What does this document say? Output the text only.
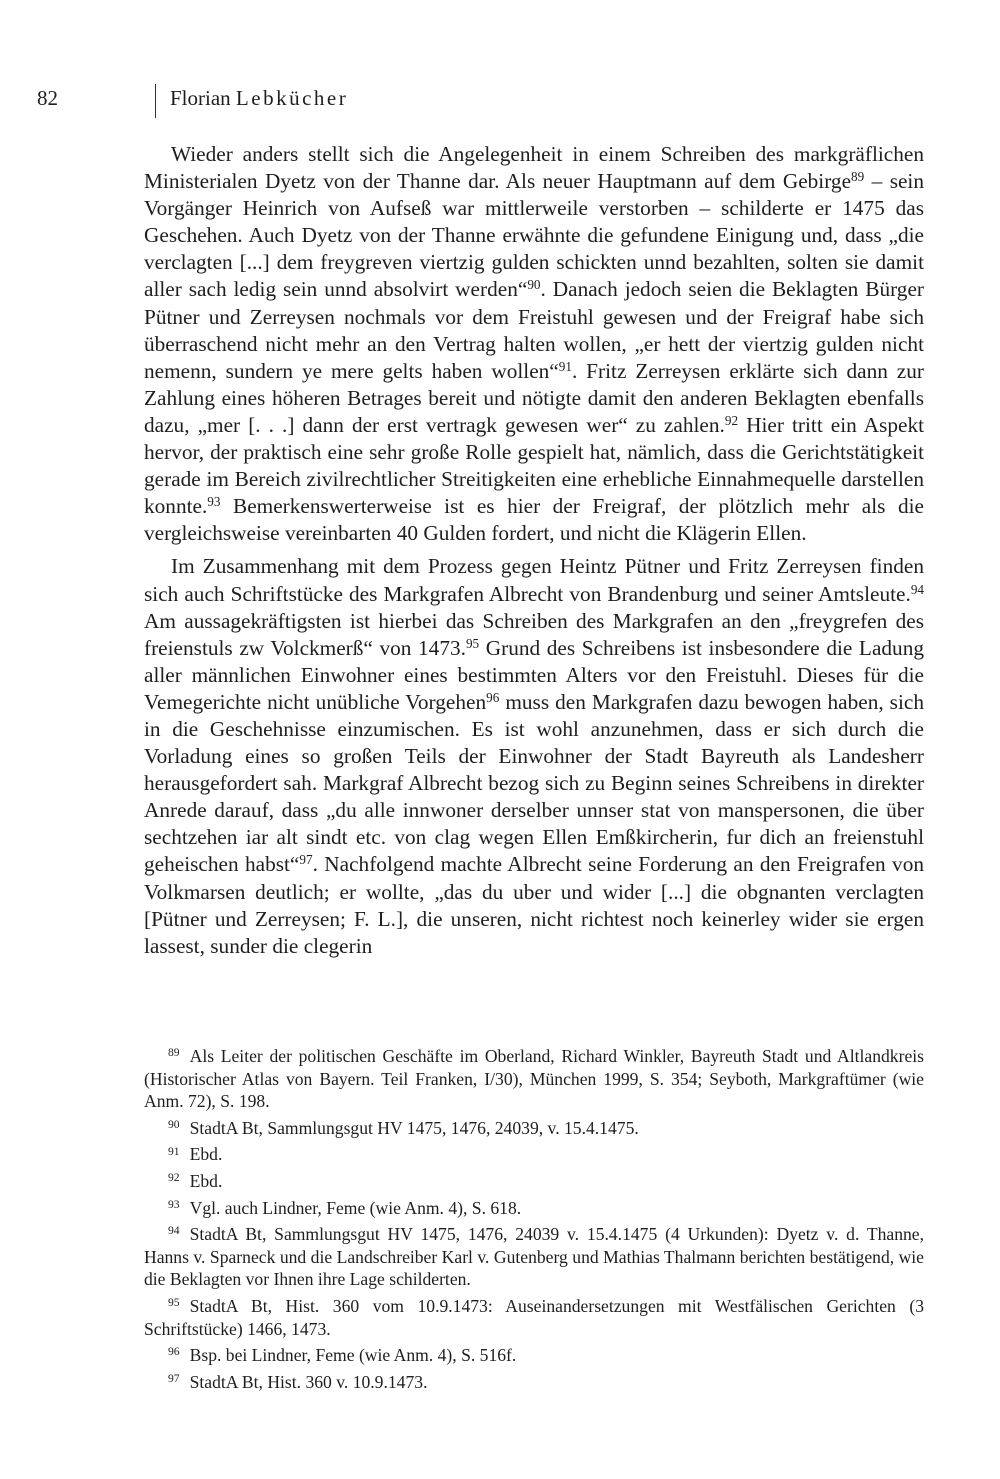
82	Florian Lebkücher

Wieder anders stellt sich die Angelegenheit in einem Schreiben des markgräflichen Ministerialen Dyetz von der Thanne dar. Als neuer Hauptmann auf dem Gebirge$^{89}$ – sein Vorgänger Heinrich von Aufseß war mittlerweile verstorben – schilderte er 1475 das Geschehen. Auch Dyetz von der Thanne erwähnte die gefundene Einigung und, dass „die verclagten [...] dem freygreven viertzig gulden schickten unnd bezahlten, solten sie damit aller sach ledig sein unnd absolvirt werden“$^{90}$. Danach jedoch seien die Beklagten Bürger Pütner und Zerreysen nochmals vor dem Freistuhl gewesen und der Freigraf habe sich überraschend nicht mehr an den Vertrag halten wollen, „er hett der viertzig gulden nicht nemenn, sundern ye mere gelts haben wollen“$^{91}$. Fritz Zerreysen erklärte sich dann zur Zahlung eines höheren Betrages bereit und nötigte damit den anderen Beklagten ebenfalls dazu, „mer [. . .] dann der erst vertragk gewesen wer“ zu zahlen.$^{92}$ Hier tritt ein Aspekt hervor, der praktisch eine sehr große Rolle gespielt hat, nämlich, dass die Gerichtstätigkeit gerade im Bereich zivilrechtlicher Streitigkeiten eine erhebliche Einnahmequelle darstellen konnte.$^{93}$ Bemerkenswerterweise ist es hier der Freigraf, der plötzlich mehr als die vergleichsweise vereinbarten 40 Gulden fordert, und nicht die Klägerin Ellen.

Im Zusammenhang mit dem Prozess gegen Heintz Pütner und Fritz Zerreysen finden sich auch Schriftstücke des Markgrafen Albrecht von Brandenburg und seiner Amtsleute.$^{94}$ Am aussagekräftigsten ist hierbei das Schreiben des Markgrafen an den „freygrefen des freienstuls zw Volckmerß“ von 1473.95 Grund des Schreibens ist insbesondere die Ladung aller männlichen Einwohner eines bestimmten Alters vor den Freistuhl. Dieses für die Vemegerichte nicht unübliche Vorgehen$^{96}$ muss den Markgrafen dazu bewogen haben, sich in die Geschehnisse einzumischen. Es ist wohl anzunehmen, dass er sich durch die Vorladung eines so großen Teils der Einwohner der Stadt Bayreuth als Landesherr herausgefordert sah. Markgraf Albrecht bezog sich zu Beginn seines Schreibens in direkter Anrede darauf, dass „du alle innwoner derselber unnser stat von manspersonen, die über sechtzehen iar alt sindt etc. von clag wegen Ellen Emßkircherin, fur dich an freienstuhl geheischen habst“$^{97}$. Nachfolgend machte Albrecht seine Forderung an den Freigrafen von Volkmarsen deutlich; er wollte, „das du uber und wider [...] die obgnanten verclagten [Pütner und Zerreysen; F. L.], die unseren, nicht richtest noch keinerley wider sie ergen lassest, sunder die clegerin

$^{89}$ Als Leiter der politischen Geschäfte im Oberland, Richard Winkler, Bayreuth Stadt und Altlandkreis (Historischer Atlas von Bayern. Teil Franken, I/30), München 1999, S. 354; Seyboth, Markgraftümer (wie Anm. 72), S. 198.

$^{90}$ StadtA Bt, Sammlungsgut HV 1475, 1476, 24039, v. 15.4.1475.

$^{91}$ Ebd.

$^{92}$ Ebd.

$^{93}$ Vgl. auch Lindner, Feme (wie Anm. 4), S. 618.

$^{94}$ StadtA Bt, Sammlungsgut HV 1475, 1476, 24039 v. 15.4.1475 (4 Urkunden): Dyetz v. d. Thanne, Hanns v. Sparneck und die Landschreiber Karl v. Gutenberg und Mathias Thalmann berichten bestätigend, wie die Beklagten vor Ihnen ihre Lage schilderten.

$^{95}$ StadtA Bt, Hist. 360 vom 10.9.1473: Auseinandersetzungen mit Westfälischen Gerichten (3 Schriftstücke) 1466, 1473.

$^{96}$ Bsp. bei Lindner, Feme (wie Anm. 4), S. 516f.

$^{97}$ StadtA Bt, Hist. 360 v. 10.9.1473.
